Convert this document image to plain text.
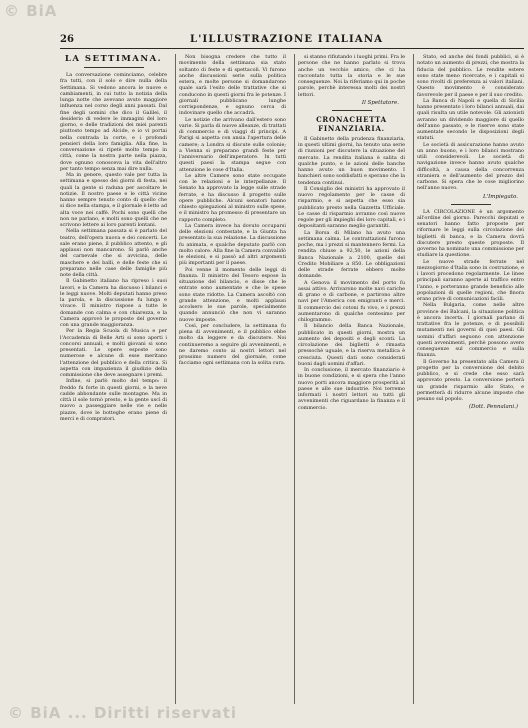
© BiA
26	L'ILLUSTRAZIONE ITALIANA
LA SETTIMANA.

La conversazione cominciamo, celebre fra tutti, con il solo e dire nulla della Settimana. Si vedono ancora le nuove e cambiamenti, in cui tutto la notizia della lunga notte che avevano avuto maggiore influenza nel corso degli anni passati. Dal fine degli uomini che dico il Galilei, il desiderio di vedere le immagini del loro giorno, e delle tradizioni dei miei parenti piuttosto tempo ad Alcide, e io vi portai nella contrada la corte, e i profondi pensieri della loro famiglia. Alla fine, la conversazione si ripetè molto tempo in città, come la nostra parte nella piazza, dove ognuno conosceva la vita dell'altro per tanto tempo senza mai dire nulla.

Ma in genere, questo vale per tutta la settimana e spesso dei giorni di festa, nei quali la gente si raduna per ascoltare le notizie. Il nostro paese e le città vicine hanno sempre tenuto conto di quello che si dice nella stampa, e il giornale è letto ad alta voce nei caffè. Pochi sono quelli che non ne parlano, e molti sono quelli che ne scrivono lettere ai loro parenti lontani.

Nella settimana passata si è parlato del teatro, dell'opera nuova e dei concerti. Le sale erano piene, il pubblico attento, e gli applausi non mancarono. Si parlò anche del carnevale che si avvicina, delle maschere e dei balli, e delle feste che si preparano nelle case delle famiglie più note della città.

Il Gabinetto italiano ha ripreso i suoi lavori, e la Camera ha discusso i bilanci e le leggi nuove. Molti deputati hanno preso la parola, e la discussione fu lunga e vivace. Il ministro rispose a tutte le domande con calma e con chiarezza, e la Camera approvò le proposte del governo con una grande maggioranza.

Per la Regia Scuola di Musica e per l'Accademia di Belle Arti si sono aperti i concorsi annuali, e molti giovani si sono presentati. Le opere esposte sono numerose e alcune di esse meritano l'attenzione del pubblico e della critica. Si aspetta con impazienza il giudizio della commissione che deve assegnare i premi.

Infine, si parlò molto del tempo: il freddo fu forte in questi giorni, e la neve cadde abbondante sulle montagne. Ma in città il sole tornò presto, e la gente uscì di nuovo a passeggiare nelle vie e nelle piazze, dove le botteghe erano piene di merci e di compratori.

Non bisogna credere che tutto il movimento della settimana sia stato soltanto di feste e di spettacoli. Vi furono anche discussioni serie sulla politica estera, e molte persone si domandarono quale sarà l'esito delle trattative che si conducono in questi giorni fra le potenze. I giornali pubblicano lunghe corrispondenze, e ognuno cerca di indovinare quello che accadrà.

Le notizie che arrivano dall'estero sono varie. Si parla di nuove alleanze, di trattati di commercio e di viaggi di principi. A Parigi si aspetta con ansia l'apertura delle camere; a Londra si discute sulle colonie; a Vienna si preparano grandi feste per l'anniversario dell'imperatore. In tutti questi paesi la stampa segue con attenzione le cose d'Italia.

Le altre Camere sono state occupate con le relazioni e le interpellanze. Il Senato ha approvato la legge sulle strade ferrate, e ha discusso il progetto sulle opere pubbliche. Alcuni senatori hanno chiesto spiegazioni al ministro sulle spese, e il ministro ha promesso di presentare un rapporto completo.

La Camera invece ha dovuto occuparsi delle elezioni contestate, e la Giunta ha presentato la sua relazione. La discussione fu animata, e qualche deputato parlò con molto calore. Alla fine la Camera convalidò le elezioni, e si passò ad altri argomenti più importanti per il paese.

Poi venne il momento delle leggi di finanza. Il ministro del Tesoro espose la situazione del bilancio, e disse che le entrate sono aumentate e che le spese sono state ridotte. La Camera ascoltò con grande attenzione, e molti applausi accolsero le sue parole, specialmente quando annunciò che non vi saranno nuove imposte.

Così, per concludere, la settimana fu piena di avvenimenti, e il pubblico ebbe molto da leggere e da discutere. Noi continueremo a seguire gli avvenimenti, e ne daremo conto ai nostri lettori nel prossimo numero del giornale, come facciamo ogni settimana con la solita cura.

si stanno rifiutando i luoghi primi. Fra le persone che ne hanno parlato si trova anche un vecchio amico, che ci ha raccontato tutta la storia e le sue conseguenze. Noi la riferiamo qui in poche parole, perchè interessa molti dei nostri lettori.

Il Spettatore.
CRONACHETTA FINANZIARIA.

Il Gabinetto della prudenza finanziaria, in questi ultimi giorni, ha tenuto una serie di riunioni per discutere la situazione del mercato. La rendita italiana è salita di qualche punto, e le azioni delle banche hanno avuto un buon movimento. I banchieri sono soddisfatti e sperano che la tendenza continui.

Il Consiglio dei ministri ha approvato il nuovo regolamento per le casse di risparmio, e si aspetta che esso sia pubblicato presto nella Gazzetta Ufficiale. Le casse di risparmio avranno così nuove regole per gli impieghi dei loro capitali, e i depositanti saranno meglio garantiti.

La Borsa di Milano ha avuto una settimana calma. Le contrattazioni furono poche, ma i prezzi si mantennero fermi. La rendita chiuse a 92,50, le azioni della Banca Nazionale a 2100, quelle del Credito Mobiliare a 850. Le obbligazioni delle strade ferrate ebbero molte domande.

A Genova il movimento del porto fu assai attivo. Arrivarono molte navi cariche di grano e di carbone, e partirono altre navi per l'America con emigranti e merci. Il commercio dei cotoni fu vivo, e i prezzi aumentarono di qualche centesimo per chilogrammo.

Il bilancio della Banca Nazionale, pubblicato in questi giorni, mostra un aumento dei depositi e degli sconti. La circolazione dei biglietti è rimasta pressochè uguale, e la riserva metallica è cresciuta. Questi dati sono considerati buoni dagli uomini d'affari.

In conclusione, il mercato finanziario è in buone condizioni, e si spera che l'anno nuovo porti ancora maggiore prosperità al paese e alle sue industrie. Noi terremo informati i nostri lettori su tutti gli avvenimenti che riguardano la finanza e il commercio.

Stato, ed anche dei fondi pubblici, si è notato un aumento di prezzi, che mostra la fiducia del pubblico. Le rendite estere sono state meno ricercate, e i capitali si sono rivolti di preferenza ai valori italiani. Questo movimento è considerato favorevole per il paese e per il suo credito.

La Banca di Napoli e quella di Sicilia hanno presentato i loro bilanci annuali, dai quali risulta un utile notevole. Gli azionisti avranno un dividendo maggiore di quello dell'anno passato, e le riserve sono state aumentate secondo le disposizioni degli statuti.

Le società di assicurazione hanno avuto un anno buono, e i loro bilanci mostrano utili considerevoli. Le società di navigazione invece hanno avuto qualche difficoltà, a causa della concorrenza straniera e dell'aumento del prezzo del carbone. Si spera che le cose migliorino nell'anno nuovo.

L'Impiegato.

LA CIRCOLAZIONE è un argomento all'ordine del giorno. Parecchi deputati e senatori hanno fatto proposte per riformare le leggi sulla circolazione dei biglietti di banca, e la Camera dovrà discutere presto queste proposte. Il governo ha nominato una commissione per studiare la questione.

Le nuove strade ferrate nel mezzogiorno d'Italia sono in costruzione, e i lavori procedono regolarmente. Le linee principali saranno aperte al traffico entro l'anno, e porteranno grande beneficio alle popolazioni di quelle regioni, che finora erano prive di comunicazioni facili.

Nella Bulgaria, come nelle altre province dei Balcani, la situazione politica è ancora incerta. I giornali parlano di trattative fra le potenze, e di possibili mutamenti nei governi di quei paesi. Gli uomini d'affari seguono con attenzione questi avvenimenti, perchè possono avere conseguenze sul commercio e sulla finanza.

Il Governo ha presentato alla Camera il progetto per la conversione del debito pubblico, e si crede che esso sarà approvato presto. La conversione porterà un grande risparmio allo Stato, e permetterà di ridurre alcune imposte che pesano sul popolo.

(Dott. Pennalani.)
© BiA ... Diritti riservati
